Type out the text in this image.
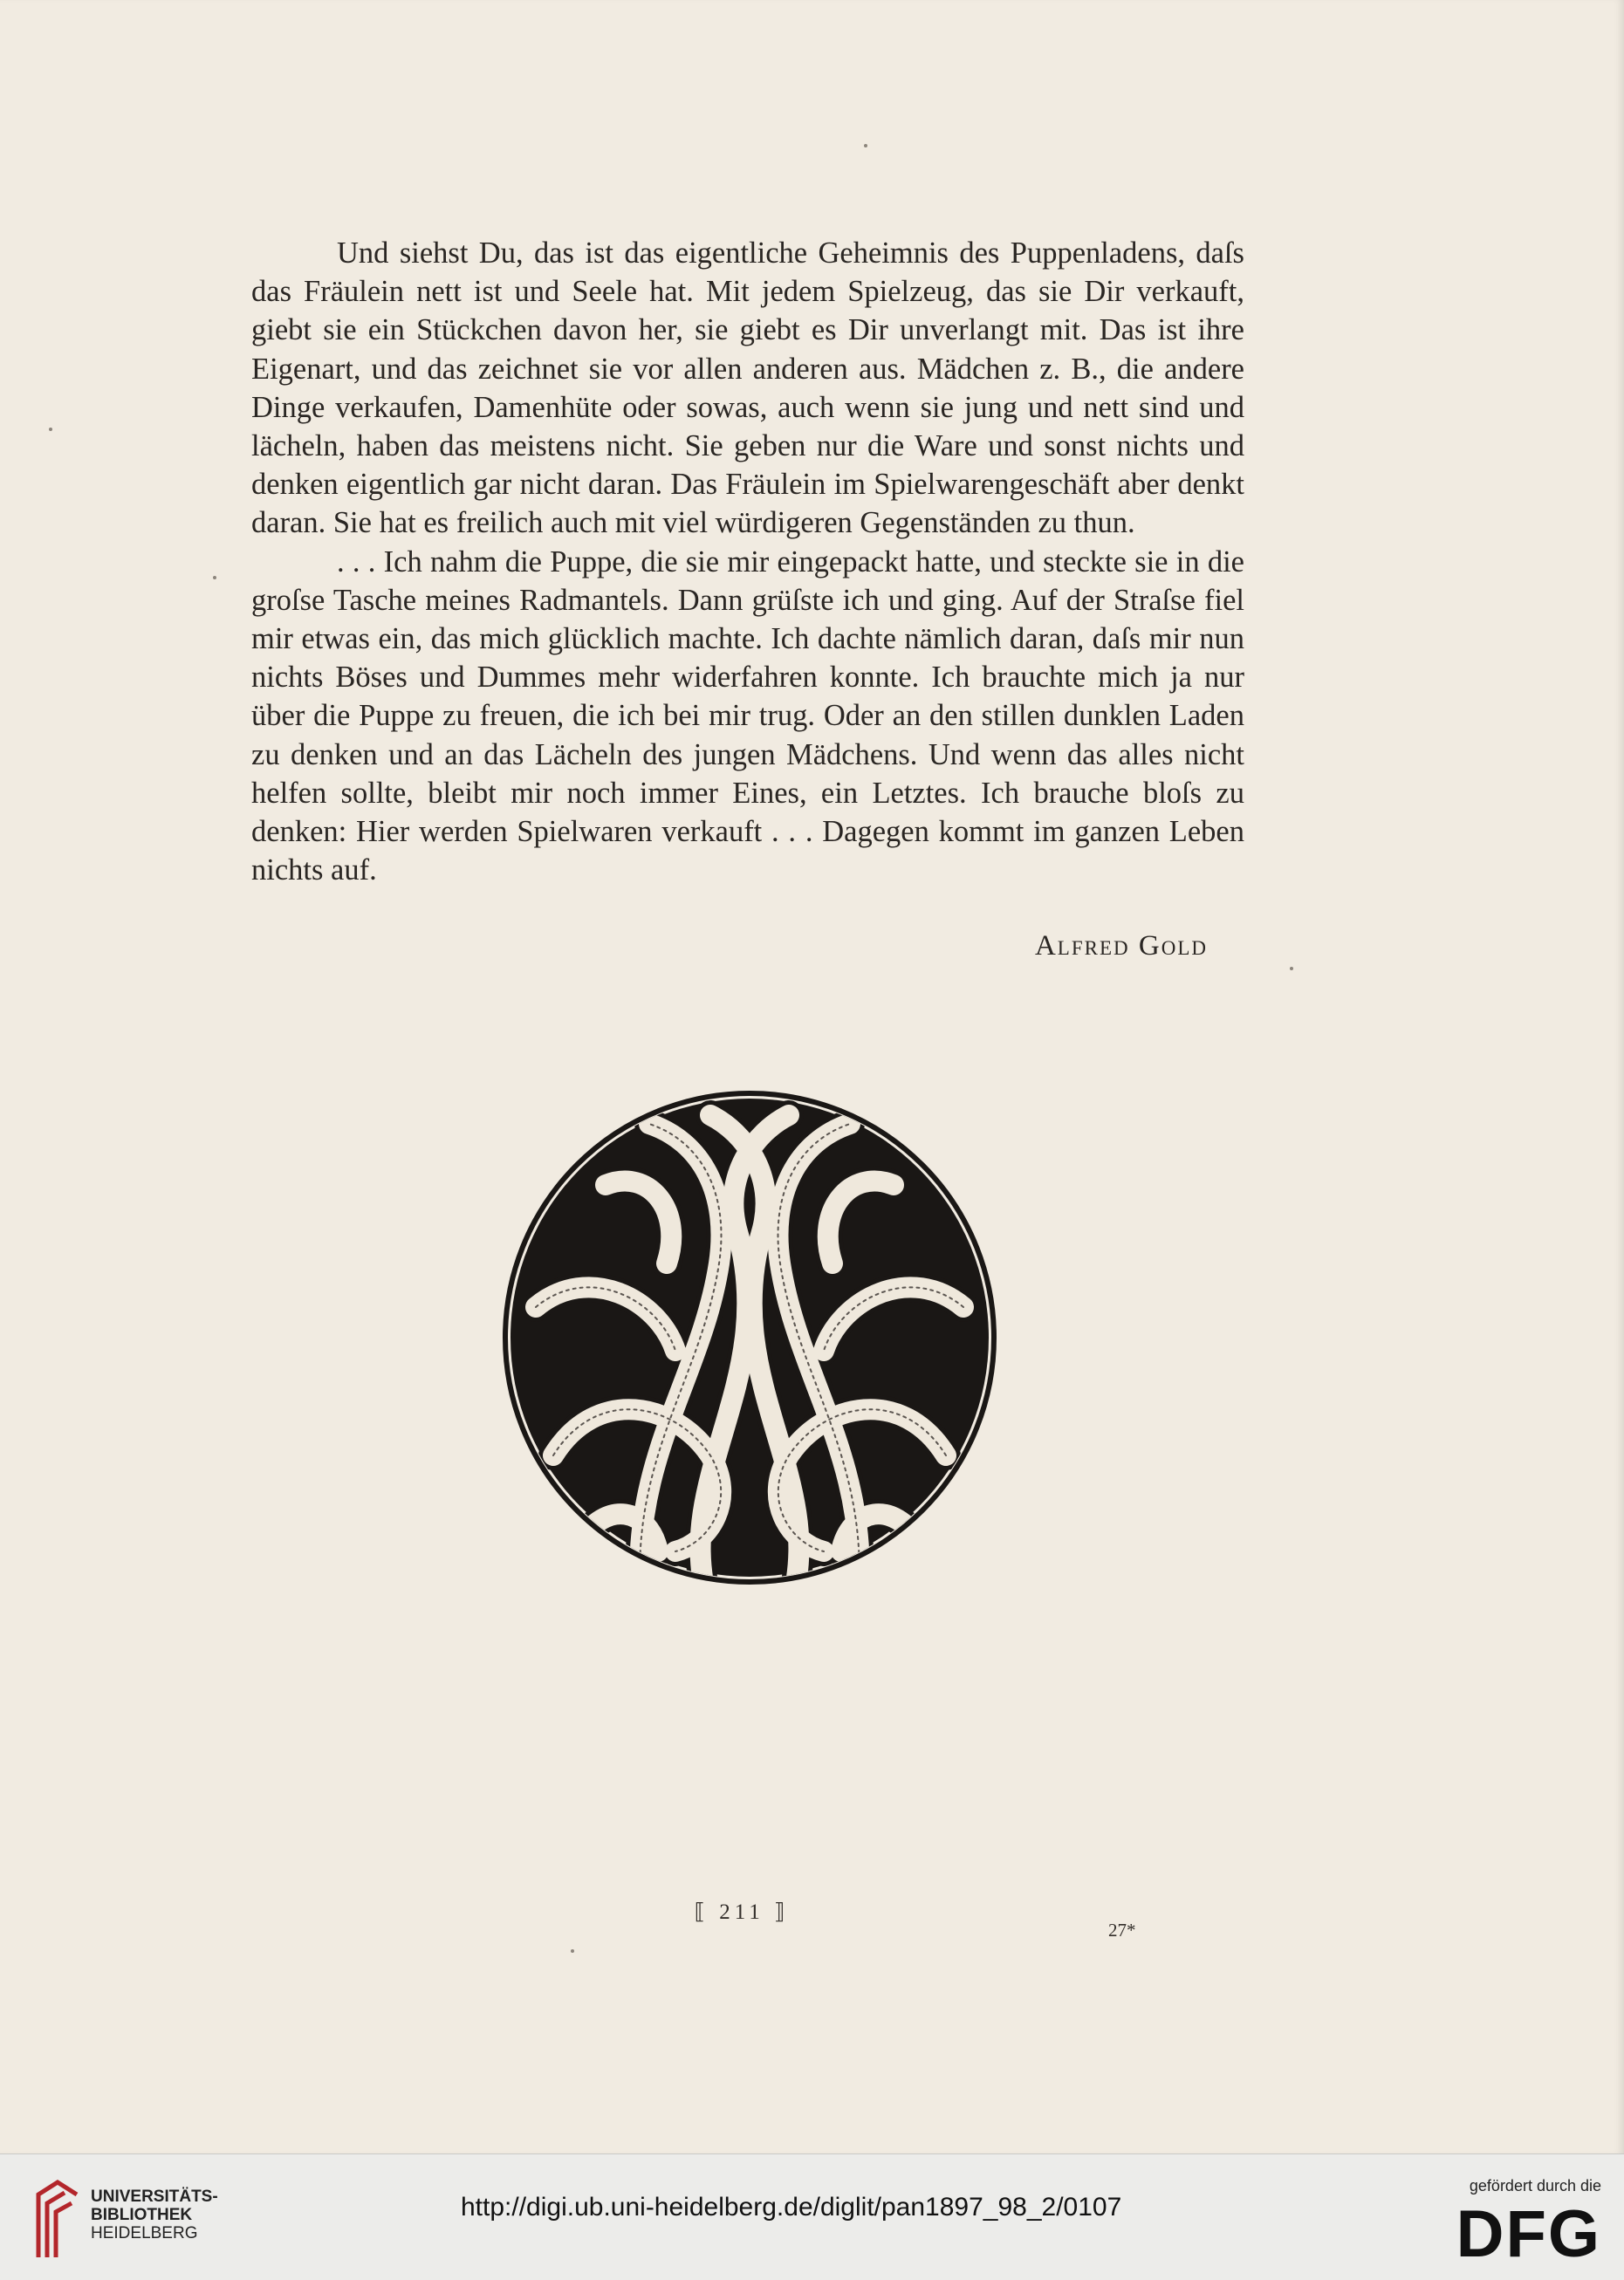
Und siehst Du, das ist das eigentliche Geheimnis des Puppenladens, daſs das Fräulein nett ist und Seele hat. Mit jedem Spielzeug, das sie Dir verkauft, giebt sie ein Stückchen davon her, sie giebt es Dir unverlangt mit. Das ist ihre Eigenart, und das zeichnet sie vor allen anderen aus. Mädchen z. B., die andere Dinge verkaufen, Damenhüte oder sowas, auch wenn sie jung und nett sind und lächeln, haben das meistens nicht. Sie geben nur die Ware und sonst nichts und denken eigentlich gar nicht daran. Das Fräulein im Spielwarengeschäft aber denkt daran. Sie hat es freilich auch mit viel würdigeren Gegenständen zu thun.

. . . Ich nahm die Puppe, die sie mir eingepackt hatte, und steckte sie in die groſse Tasche meines Radmantels. Dann grüſste ich und ging. Auf der Straſse fiel mir etwas ein, das mich glücklich machte. Ich dachte nämlich daran, daſs mir nun nichts Böses und Dummes mehr widerfahren konnte. Ich brauchte mich ja nur über die Puppe zu freuen, die ich bei mir trug. Oder an den stillen dunklen Laden zu denken und an das Lächeln des jungen Mädchens. Und wenn das alles nicht helfen sollte, bleibt mir noch immer Eines, ein Letztes. Ich brauche bloſs zu denken: Hier werden Spielwaren verkauft . . . Dagegen kommt im ganzen Leben nichts auf.

Alfred Gold
⟦ 211 ⟧
27*
UNIVERSITÄTS-
BIBLIOTHEK
HEIDELBERG
http://digi.ub.uni-heidelberg.de/diglit/pan1897_98_2/0107
gefördert durch die
DFG
